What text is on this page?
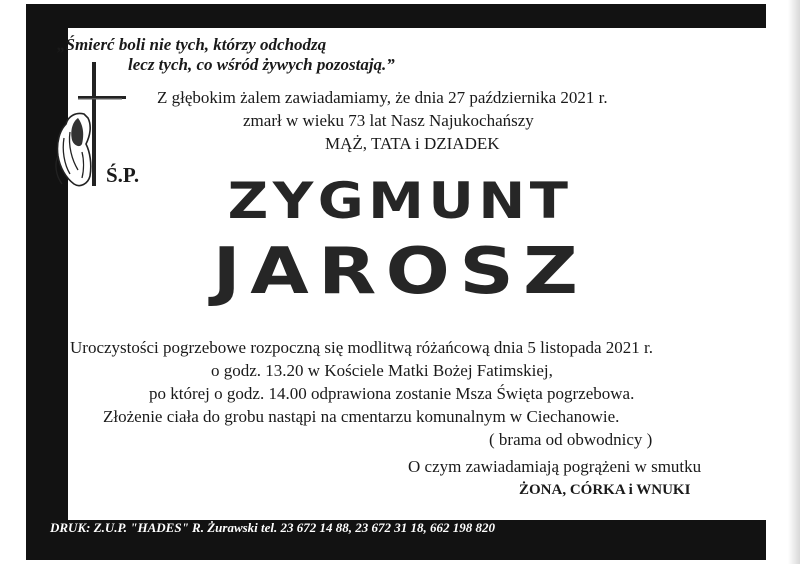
„Śmierć boli nie tych, którzy odchodzą
lecz tych, co wśród żywych pozostają.”
Ś.P.
Z głębokim żalem zawiadamiamy, że dnia 27 października 2021 r.
zmarł w wieku 73 lat Nasz Najukochańszy
MĄŻ, TATA i DZIADEK
ZYGMUNT
JAROSZ
Uroczystości pogrzebowe rozpoczną się modlitwą różańcową dnia 5 listopada 2021 r.
o godz. 13.20 w Kościele Matki Bożej Fatimskiej,
po której o godz. 14.00 odprawiona zostanie Msza Święta pogrzebowa.
Złożenie ciała do grobu nastąpi na cmentarzu komunalnym w Ciechanowie.
( brama od obwodnicy )
O czym zawiadamiają pogrążeni w smutku
ŻONA, CÓRKA i WNUKI
DRUK: Z.U.P. "HADES" R. Żurawski tel. 23 672 14 88, 23 672 31 18, 662 198 820
